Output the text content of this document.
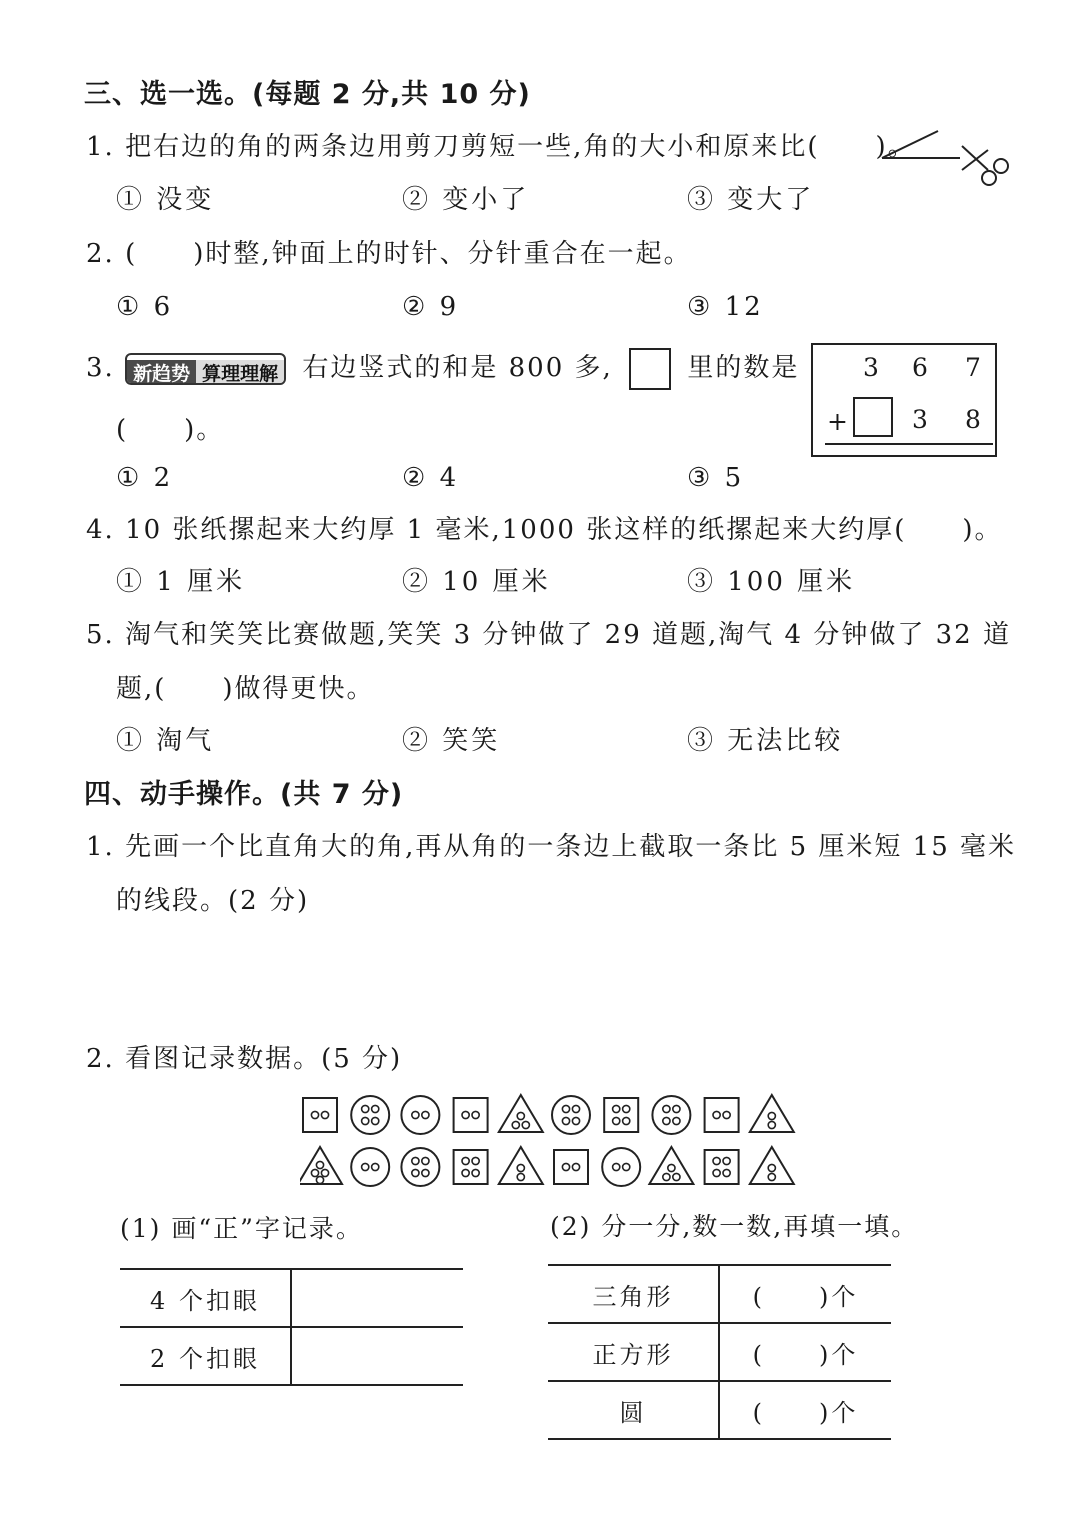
三、选一选。(每题 2 分,共 10 分)
1. 把右边的角的两条边用剪刀剪短一些,角的大小和原来比(　　)。
① 没变	② 变小了	③ 变大了
2. (　　)时整,钟面上的时针、分针重合在一起。
① 6	② 9	③ 12
3. 新趋势 算理理解 右边竖式的和是 800 多,	里的数是
(　　)。
3 6 7
+	3 8
① 2	② 4	③ 5
4. 10 张纸摞起来大约厚 1 毫米,1000 张这样的纸摞起来大约厚(　　)。
① 1 厘米	② 10 厘米	③ 100 厘米
5. 淘气和笑笑比赛做题,笑笑 3 分钟做了 29 道题,淘气 4 分钟做了 32 道
题,(　　)做得更快。
① 淘气	② 笑笑	③ 无法比较
四、动手操作。(共 7 分)
1. 先画一个比直角大的角,再从角的一条边上截取一条比 5 厘米短 15 毫米
的线段。(2 分)
2. 看图记录数据。(5 分)
(1) 画“正”字记录。	(2) 分一分,数一数,再填一填。
4 个扣眼	
2 个扣眼	
三角形	(　　)个
正方形	(　　)个
圆	(　　)个
